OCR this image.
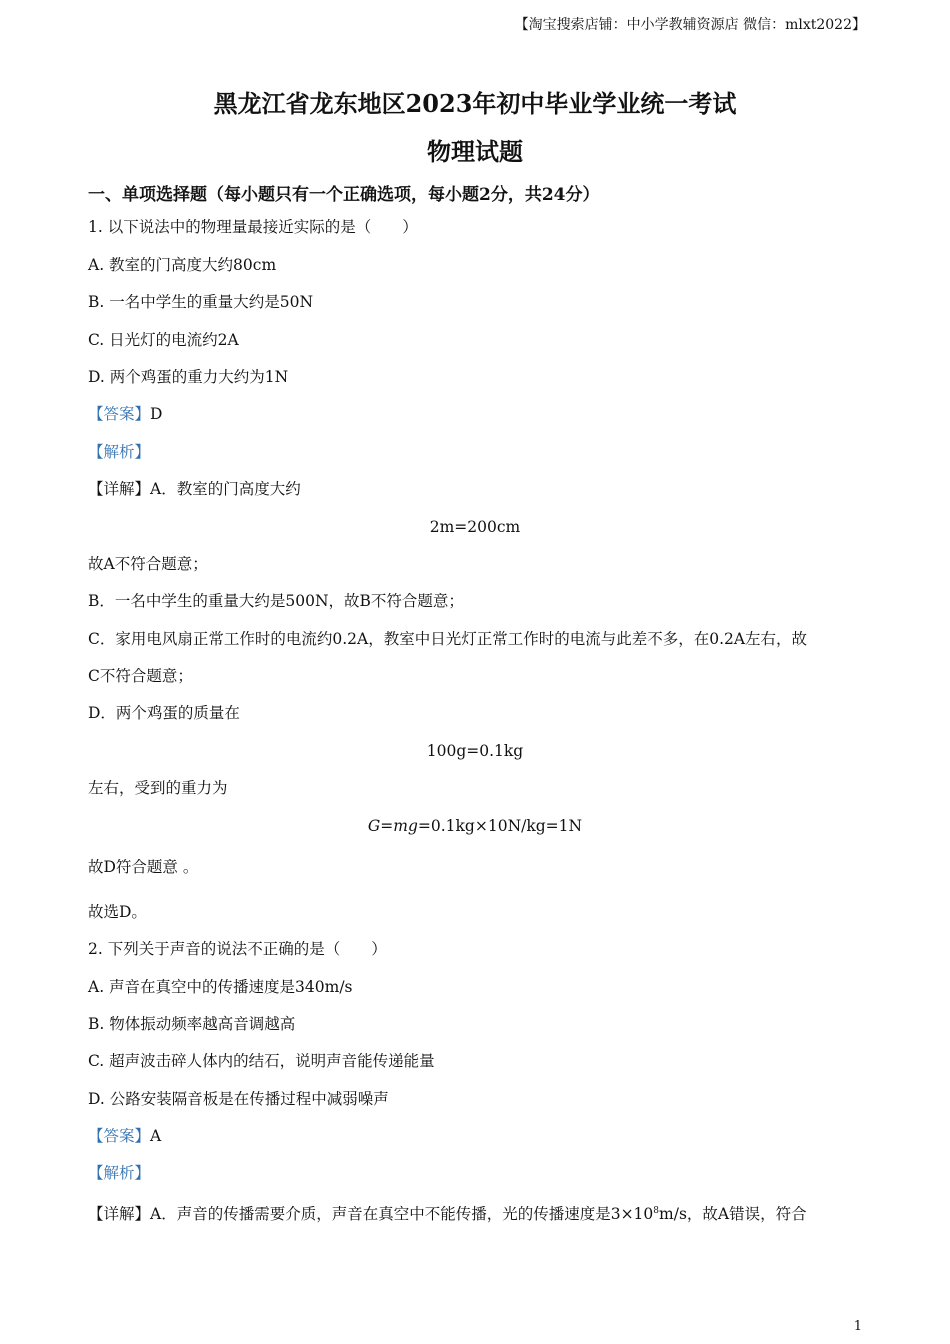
【淘宝搜索店铺：中小学教辅资源店 微信：mlxt2022】
黑龙江省龙东地区2023年初中毕业学业统一考试
物理试题
一、单项选择题（每小题只有一个正确选项，每小题2分，共24分）
1. 以下说法中的物理量最接近实际的是（　　）
A. 教室的门高度大约80cm
B. 一名中学生的重量大约是50N
C. 日光灯的电流约2A
D. 两个鸡蛋的重力大约为1N
【答案】D
【解析】
【详解】A．教室的门高度大约
2m=200cm
故A不符合题意；
B．一名中学生的重量大约是500N，故B不符合题意；
C．家用电风扇正常工作时的电流约0.2A，教室中日光灯正常工作时的电流与此差不多，在0.2A左右，故
C不符合题意；
D．两个鸡蛋的质量在
100g=0.1kg
左右，受到的重力为
G=mg=0.1kg×10N/kg=1N
故D符合题意 。
故选D。
2. 下列关于声音的说法不正确的是（　　）
A. 声音在真空中的传播速度是340m/s
B. 物体振动频率越高音调越高
C. 超声波击碎人体内的结石，说明声音能传递能量
D. 公路安装隔音板是在传播过程中减弱噪声
【答案】A
【解析】
【详解】A．声音的传播需要介质，声音在真空中不能传播，光的传播速度是$3\times 10^8m/s$，故A错误，符合
1
